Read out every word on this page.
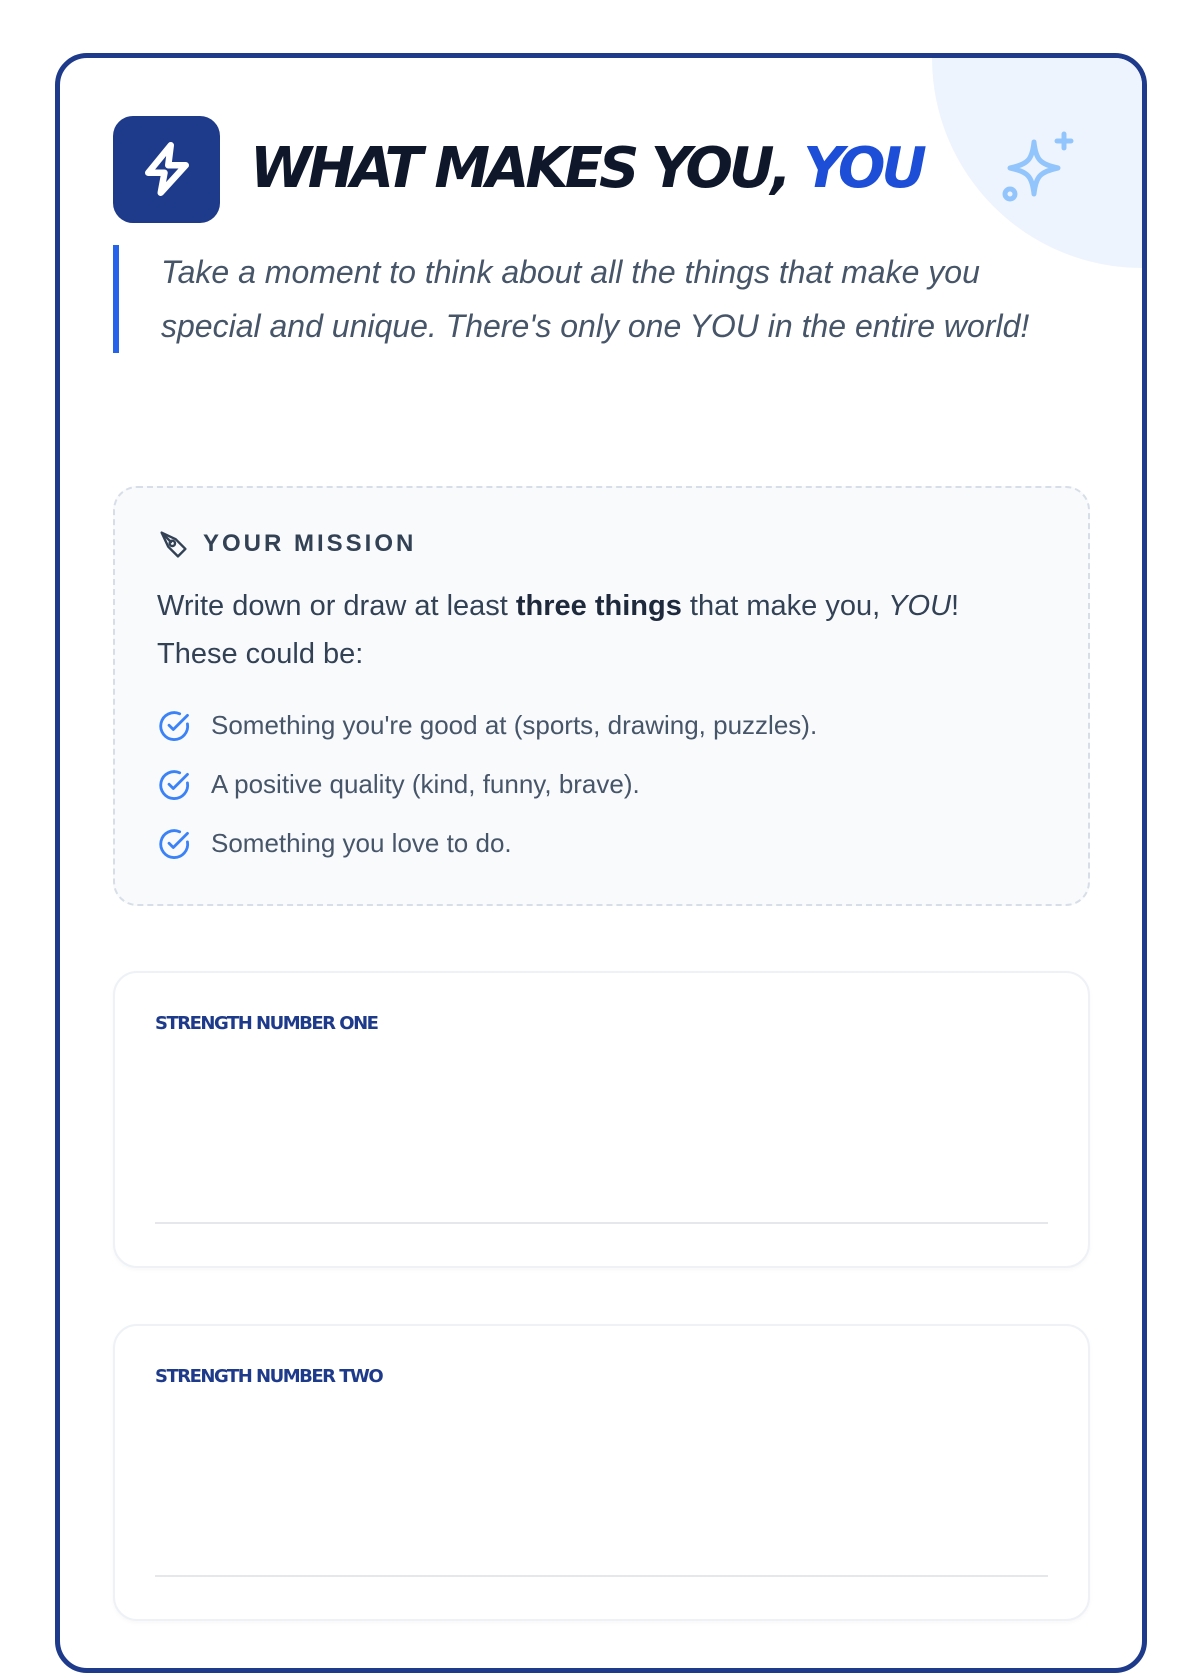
WHAT MAKES YOU, YOU

Take a moment to think about all the things that make you special and unique. There's only one YOU in the entire world!

YOUR MISSION

Write down or draw at least three things that make you, YOU! These could be:

Something you're good at (sports, drawing, puzzles).
A positive quality (kind, funny, brave).
Something you love to do.
STRENGTH NUMBER ONE
STRENGTH NUMBER TWO
